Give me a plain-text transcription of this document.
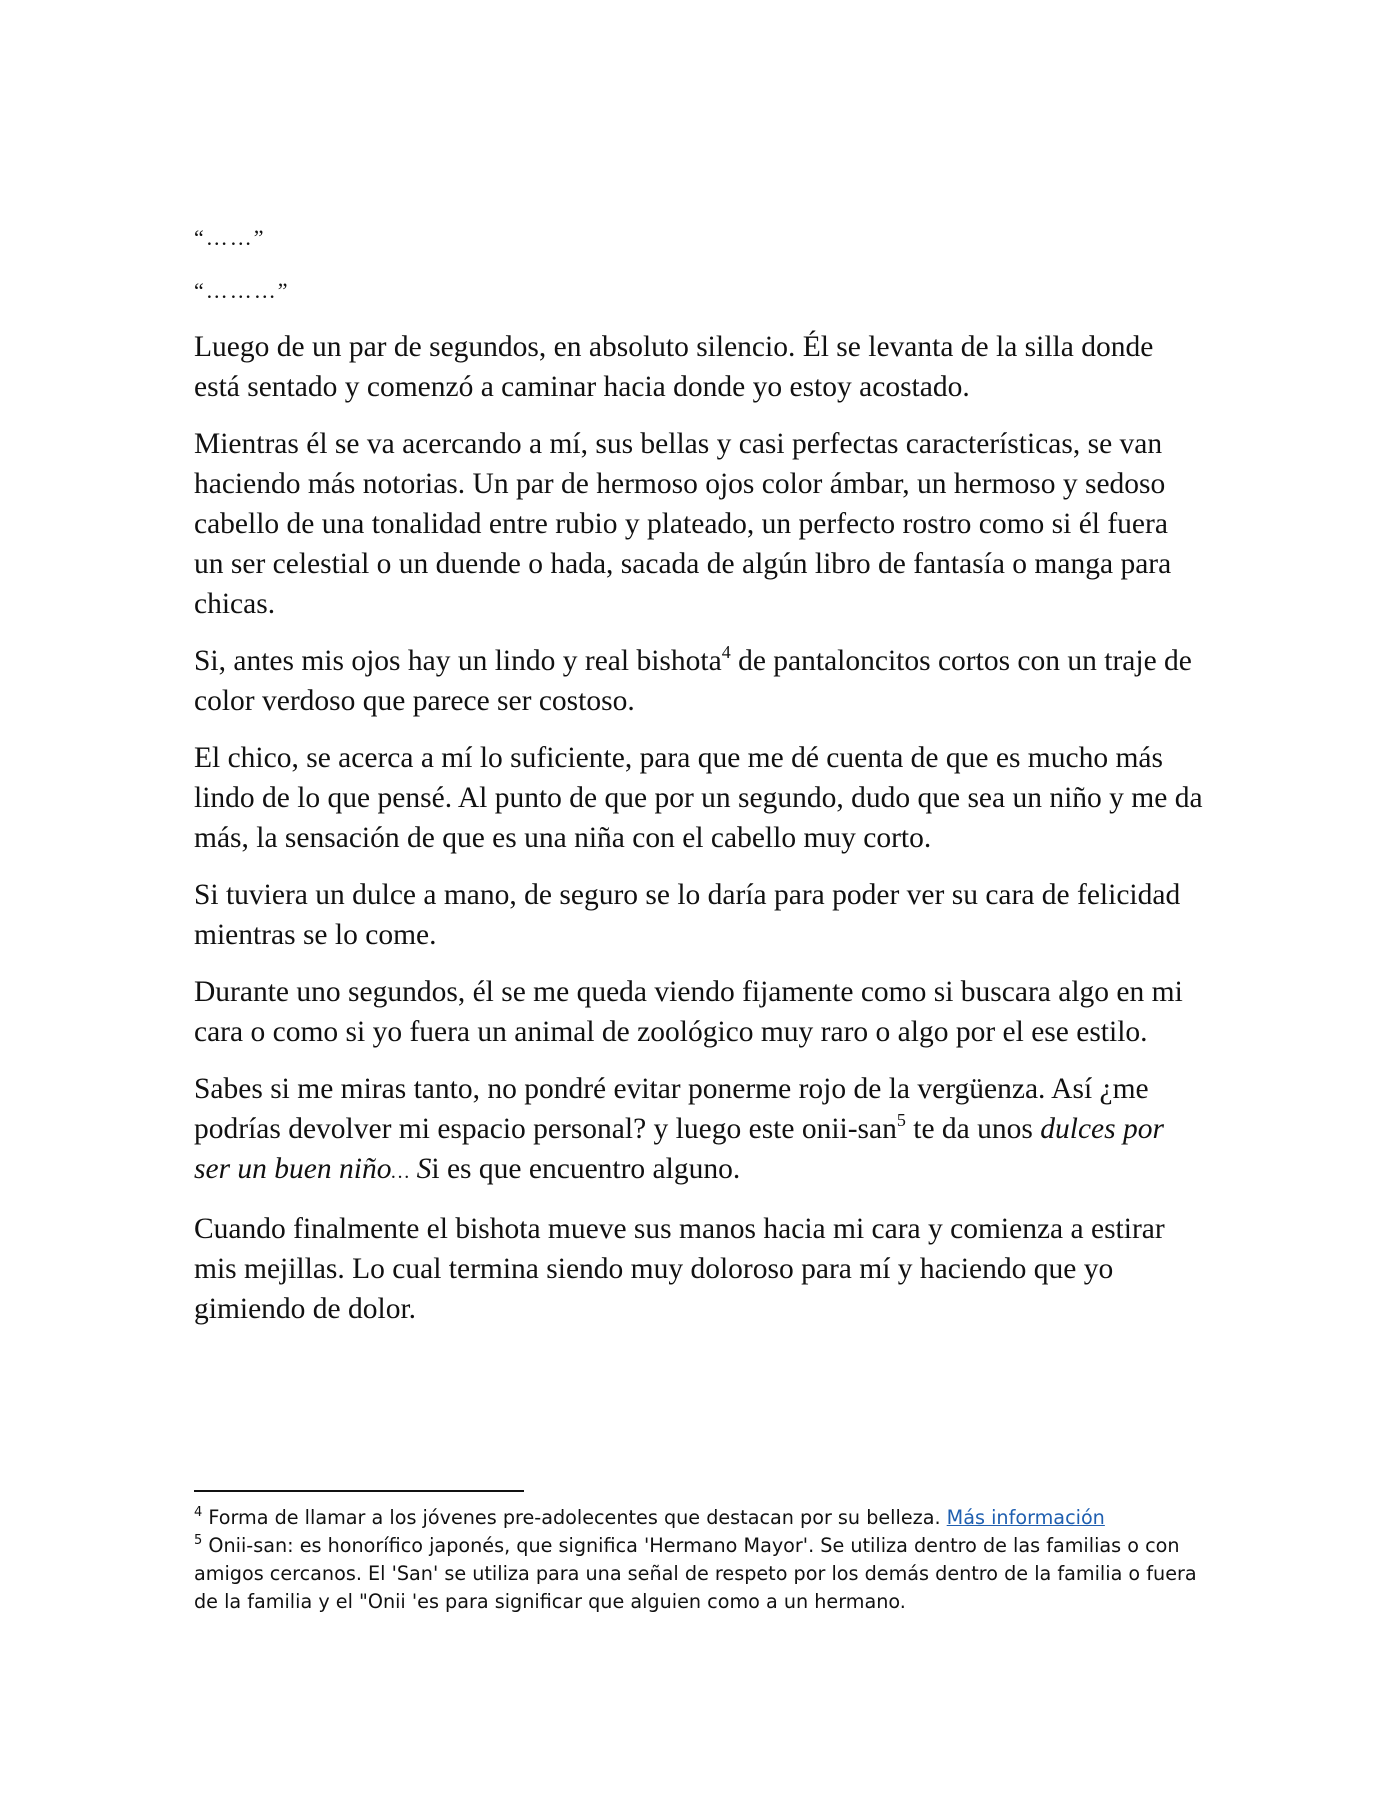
“……”

“………”

Luego de un par de segundos, en absoluto silencio. Él se levanta de la silla donde está sentado y comenzó a caminar hacia donde yo estoy acostado.

Mientras él se va acercando a mí, sus bellas y casi perfectas características, se van haciendo más notorias. Un par de hermoso ojos color ámbar, un hermoso y sedoso cabello de una tonalidad entre rubio y plateado, un perfecto rostro como si él fuera un ser celestial o un duende o hada, sacada de algún libro de fantasía o manga para chicas.

Si, antes mis ojos hay un lindo y real bishota$^4$ de pantaloncitos cortos con un traje de color verdoso que parece ser costoso.

El chico, se acerca a mí lo suficiente, para que me dé cuenta de que es mucho más lindo de lo que pensé. Al punto de que por un segundo, dudo que sea un niño y me da más, la sensación de que es una niña con el cabello muy corto.

Si tuviera un dulce a mano, de seguro se lo daría para poder ver su cara de felicidad mientras se lo come.

Durante uno segundos, él se me queda viendo fijamente como si buscara algo en mi cara o como si yo fuera un animal de zoológico muy raro o algo por el ese estilo.

Sabes si me miras tanto, no pondré evitar ponerme rojo de la vergüenza. Así ¿me podrías devolver mi espacio personal? y luego este onii-san$^5$ te da unos dulces por ser un buen niño… Si es que encuentro alguno.

Cuando finalmente el bishota mueve sus manos hacia mi cara y comienza a estirar mis mejillas. Lo cual termina siendo muy doloroso para mí y haciendo que yo gimiendo de dolor.

$^4$ Forma de llamar a los jóvenes pre-adolecentes que destacan por su belleza. Más información

$^5$ Onii-san: es honorífico japonés, que significa 'Hermano Mayor'. Se utiliza dentro de las familias o con amigos cercanos. El 'San' se utiliza para una señal de respeto por los demás dentro de la familia o fuera de la familia y el "Onii 'es para significar que alguien como a un hermano.
